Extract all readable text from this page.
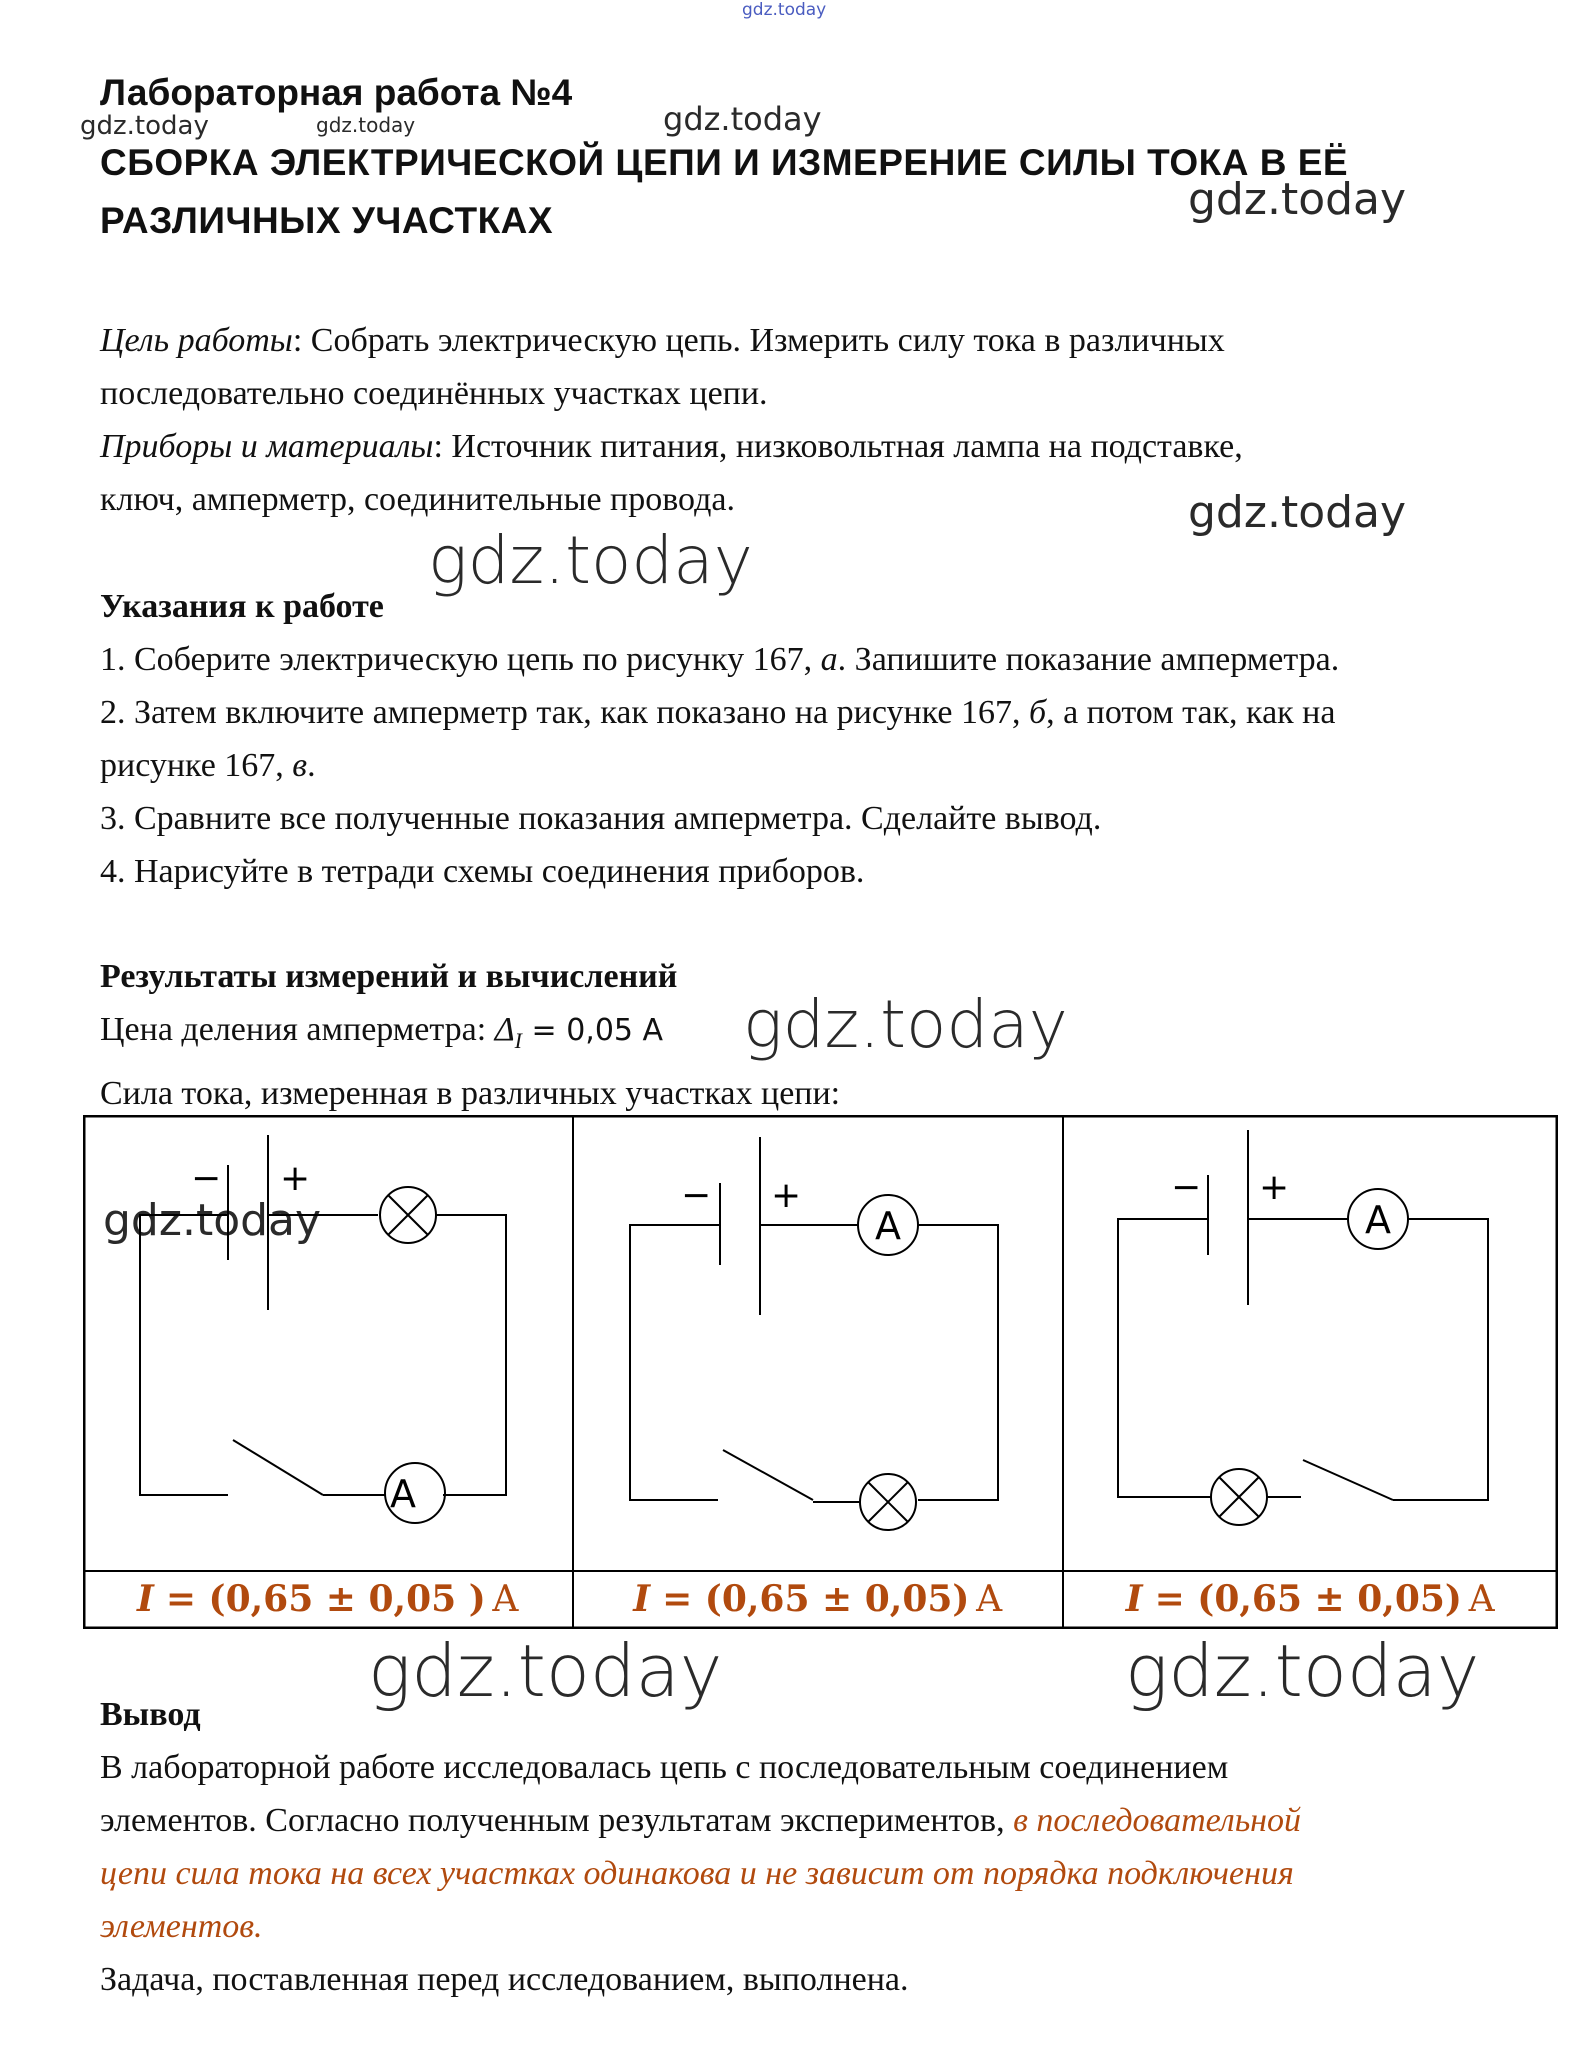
gdz.today
gdz.today	gdz.today	gdz.today
gdz.today
gdz.today
gdz.today
gdz.today
gdz.today
gdz.today	gdz.today
Лабораторная работа №4
СБОРКА ЭЛЕКТРИЧЕСКОЙ ЦЕПИ И ИЗМЕРЕНИЕ СИЛЫ ТОКА В ЕЁ
РАЗЛИЧНЫХ УЧАСТКАХ
Цель работы: Собрать электрическую цепь. Измерить силу тока в различных
последовательно соединённых участках цепи.
Приборы и материалы: Источник питания, низковольтная лампа на подставке,
ключ, амперметр, соединительные провода.
Указания к работе
1. Соберите электрическую цепь по рисунку 167, а. Запишите показание амперметра.
2. Затем включите амперметр так, как показано на рисунке 167, б, а потом так, как на
рисунке 167, в.
3. Сравните все полученные показания амперметра. Сделайте вывод.
4. Нарисуйте в тетради схемы соединения приборов.
Результаты измерений и вычислений
Цена деления амперметра: $\Delta_I = 0,05$ А
Сила тока, измеренная в различных участках цепи:
− +
A
− +
A
− +
A
I = (0,65 ± 0,05 ) А	I = (0,65 ± 0,05) А	I = (0,65 ± 0,05) А
Вывод
В лабораторной работе исследовалась цепь с последовательным соединением
элементов. Согласно полученным результатам экспериментов, в последовательной
цепи сила тока на всех участках одинакова и не зависит от порядка подключения
элементов.
Задача, поставленная перед исследованием, выполнена.
